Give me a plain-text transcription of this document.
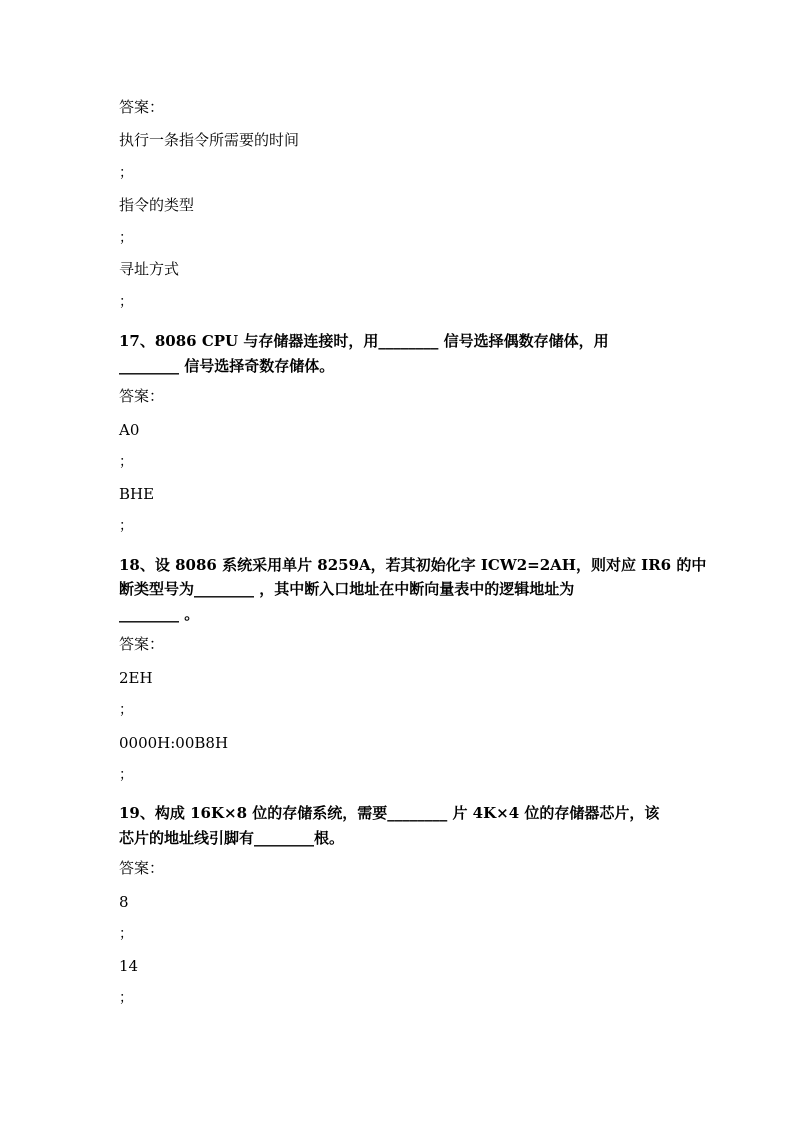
答案：
执行一条指令所需要的时间
；
指令的类型
；
寻址方式
；
17、8086 CPU 与存储器连接时，用________ 信号选择偶数存储体，用
________ 信号选择奇数存储体。
答案：
A0
；
BHE
；
18、设 8086 系统采用单片 8259A，若其初始化字 ICW2=2AH，则对应 IR6 的中
断类型号为________ ，其中断入口地址在中断向量表中的逻辑地址为
________ 。
答案：
2EH
；
0000H:00B8H
；
19、构成 16K×8 位的存储系统，需要________ 片 4K×4 位的存储器芯片，该
芯片的地址线引脚有________根。
答案：
8
；
14
；
